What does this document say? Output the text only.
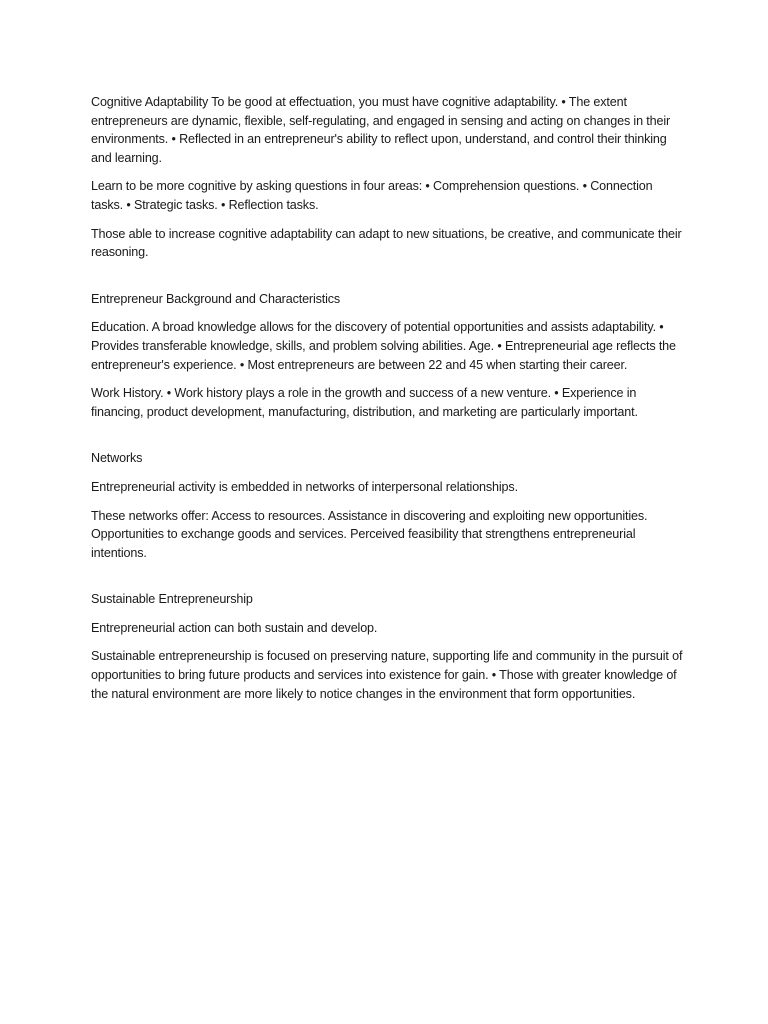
Cognitive Adaptability To be good at effectuation, you must have cognitive adaptability. • The extent entrepreneurs are dynamic, flexible, self-regulating, and engaged in sensing and acting on changes in their environments. • Reflected in an entrepreneur's ability to reflect upon, understand, and control their thinking and learning.

Learn to be more cognitive by asking questions in four areas: • Comprehension questions. • Connection tasks. • Strategic tasks. • Reflection tasks.

Those able to increase cognitive adaptability can adapt to new situations, be creative, and communicate their reasoning.

Entrepreneur Background and Characteristics

Education. A broad knowledge allows for the discovery of potential opportunities and assists adaptability. • Provides transferable knowledge, skills, and problem solving abilities. Age. • Entrepreneurial age reflects the entrepreneur's experience. • Most entrepreneurs are between 22 and 45 when starting their career.

Work History. • Work history plays a role in the growth and success of a new venture. • Experience in financing, product development, manufacturing, distribution, and marketing are particularly important.

Networks

Entrepreneurial activity is embedded in networks of interpersonal relationships.

These networks offer: Access to resources. Assistance in discovering and exploiting new opportunities. Opportunities to exchange goods and services. Perceived feasibility that strengthens entrepreneurial intentions.

Sustainable Entrepreneurship

Entrepreneurial action can both sustain and develop.

Sustainable entrepreneurship is focused on preserving nature, supporting life and community in the pursuit of opportunities to bring future products and services into existence for gain. • Those with greater knowledge of the natural environment are more likely to notice changes in the environment that form opportunities.
